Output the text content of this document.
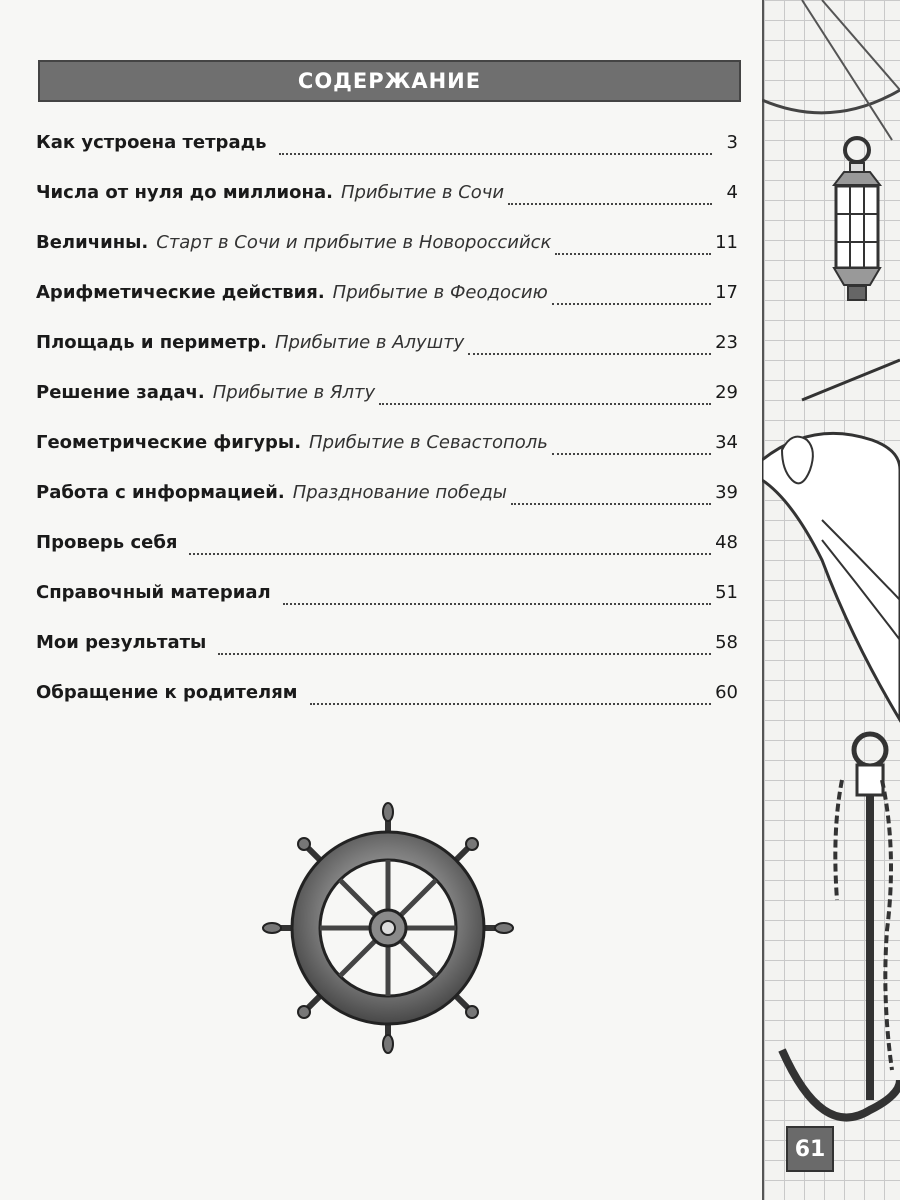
СОДЕРЖАНИЕ
Как устроена тетрадь	3
Числа от нуля до миллиона. Прибытие в Сочи	4
Величины. Старт в Сочи и прибытие в Новороссийск	11
Арифметические действия. Прибытие в Феодосию	17
Площадь и периметр. Прибытие в Алушту	23
Решение задач. Прибытие в Ялту	29
Геометрические фигуры. Прибытие в Севастополь	34
Работа с информацией. Празднование победы	39
Проверь себя	48
Справочный материал	51
Мои результаты	58
Обращение к родителям	60
61
